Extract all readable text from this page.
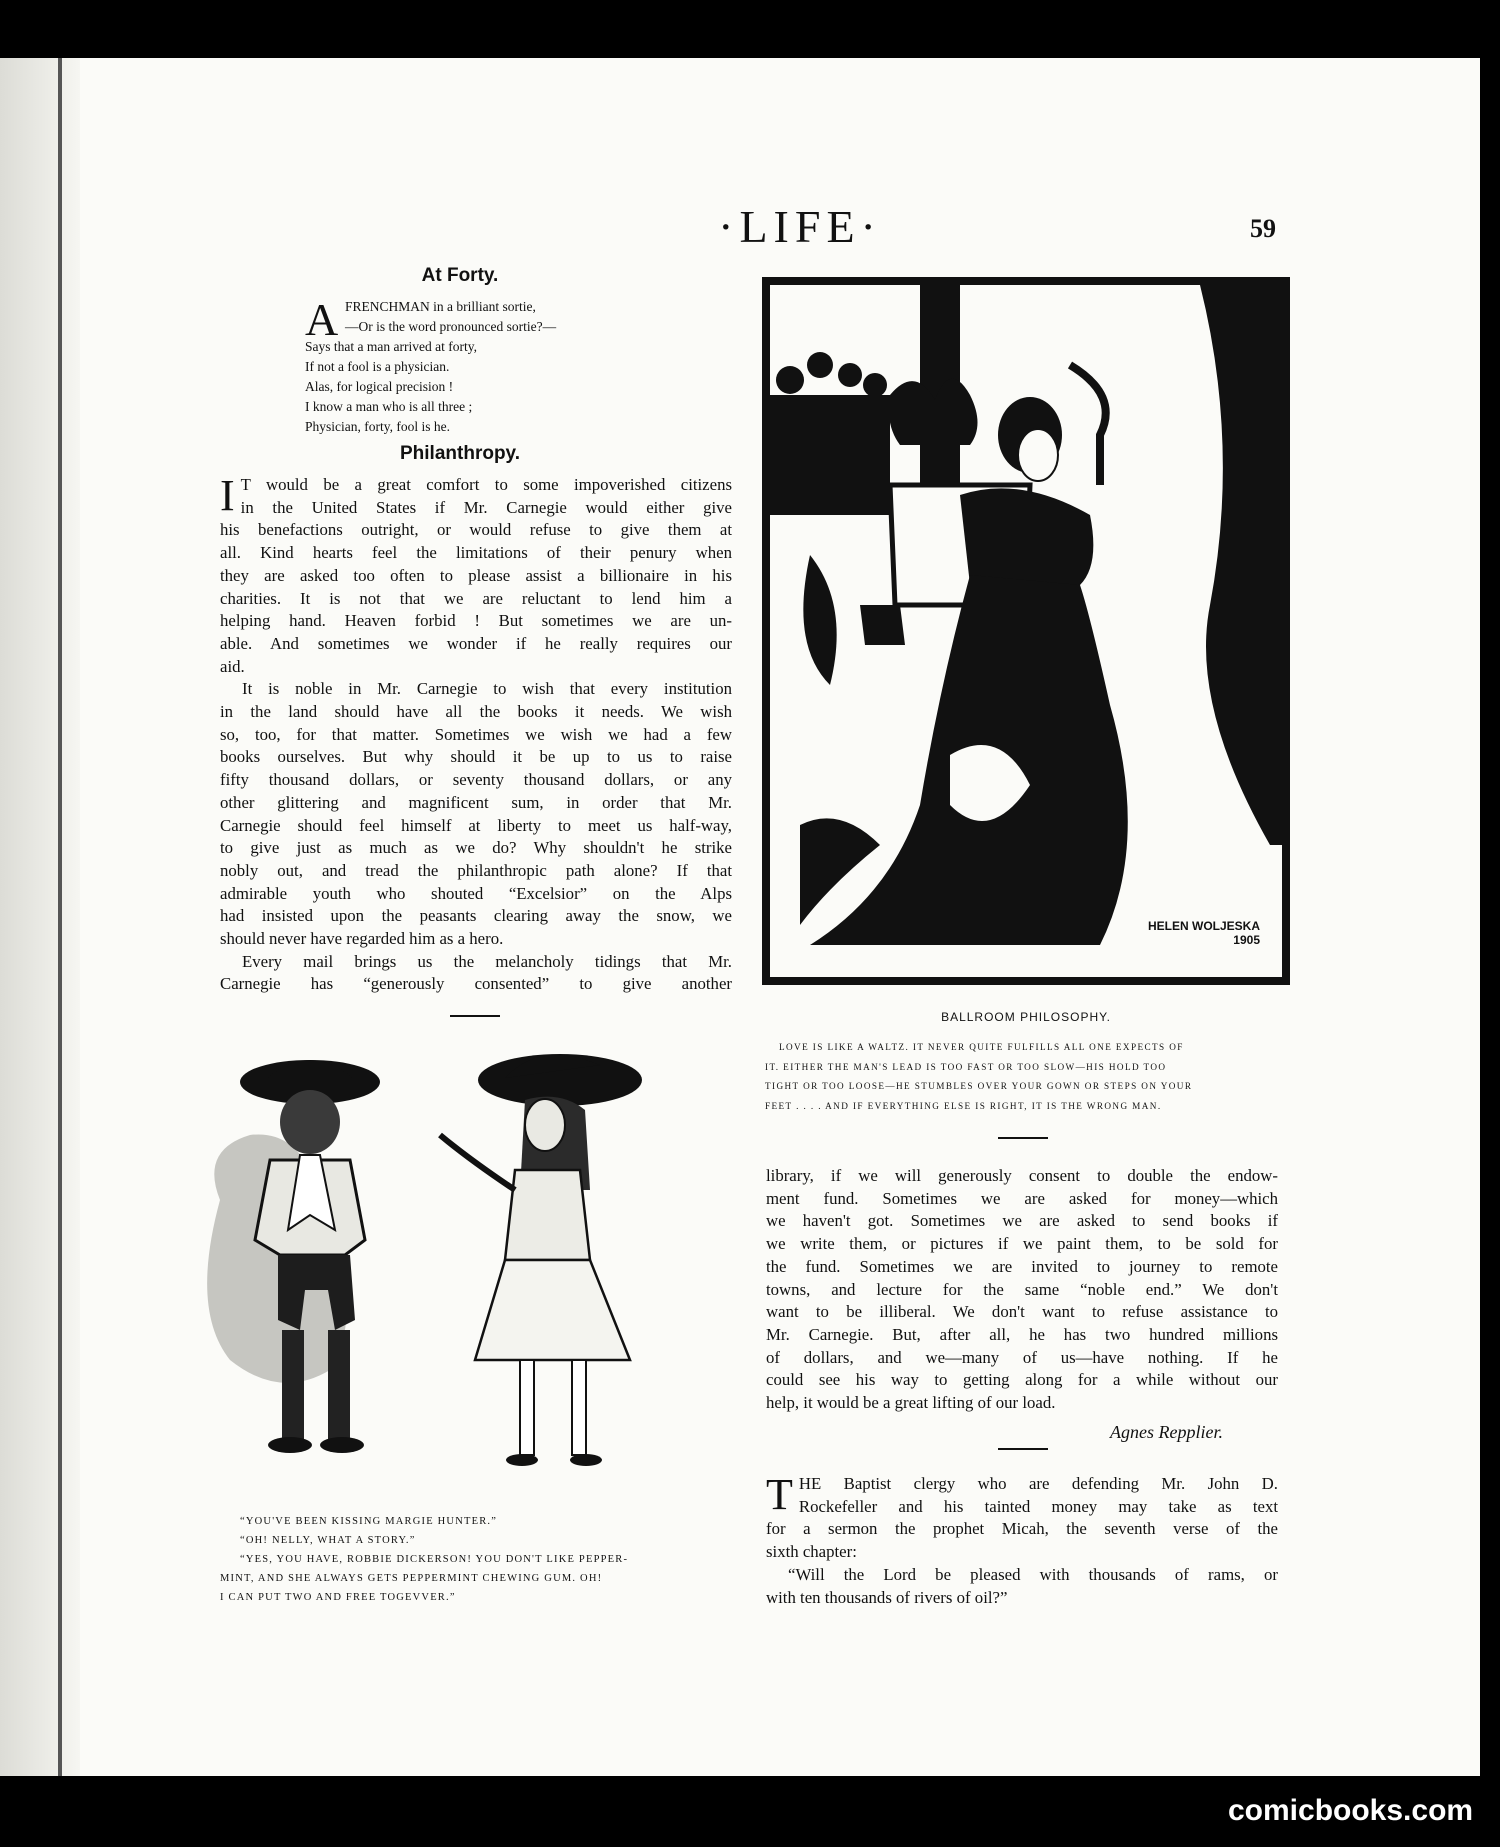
·LIFE·	59
At Forty.
A FRENCHMAN in a brilliant sortie,
—Or is the word pronounced sortie?—
Says that a man arrived at forty,
If not a fool is a physician.
Alas, for logical precision !
I know a man who is all three ;
Physician, forty, fool is he.
Philanthropy.
I T would be a great comfort to some impoverished citizens
in the United States if Mr. Carnegie would either give
his benefactions outright, or would refuse to give them at
all. Kind hearts feel the limitations of their penury when
they are asked too often to please assist a billionaire in his
charities. It is not that we are reluctant to lend him a
helping hand. Heaven forbid ! But sometimes we are un-
able. And sometimes we wonder if he really requires our
aid.
It is noble in Mr. Carnegie to wish that every institution
in the land should have all the books it needs. We wish
so, too, for that matter. Sometimes we wish we had a few
books ourselves. But why should it be up to us to raise
fifty thousand dollars, or seventy thousand dollars, or any
other glittering and magnificent sum, in order that Mr.
Carnegie should feel himself at liberty to meet us half-way,
to give just as much as we do? Why shouldn't he strike
nobly out, and tread the philanthropic path alone? If that
admirable youth who shouted “Excelsior” on the Alps
had insisted upon the peasants clearing away the snow, we
should never have regarded him as a hero.
Every mail brings us the melancholy tidings that Mr.
Carnegie has “generously consented” to give another
“YOU'VE BEEN KISSING MARGIE HUNTER.”
“OH! NELLY, WHAT A STORY.”
“YES, YOU HAVE, ROBBIE DICKERSON! YOU DON'T LIKE PEPPER-
MINT, AND SHE ALWAYS GETS PEPPERMINT CHEWING GUM. OH!
I CAN PUT TWO AND FREE TOGEVVER.”
HELEN WOLJESKA
1905
BALLROOM PHILOSOPHY.
LOVE IS LIKE A WALTZ. IT NEVER QUITE FULFILLS ALL ONE EXPECTS OF
IT. EITHER THE MAN'S LEAD IS TOO FAST OR TOO SLOW—HIS HOLD TOO
TIGHT OR TOO LOOSE—HE STUMBLES OVER YOUR GOWN OR STEPS ON YOUR
FEET . . . . AND IF EVERYTHING ELSE IS RIGHT, IT IS THE WRONG MAN.
library, if we will generously consent to double the endow-
ment fund. Sometimes we are asked for money—which
we haven't got. Sometimes we are asked to send books if
we write them, or pictures if we paint them, to be sold for
the fund. Sometimes we are invited to journey to remote
towns, and lecture for the same “noble end.” We don't
want to be illiberal. We don't want to refuse assistance to
Mr. Carnegie. But, after all, he has two hundred millions
of dollars, and we—many of us—have nothing. If he
could see his way to getting along for a while without our
help, it would be a great lifting of our load.
Agnes Repplier.
T HE Baptist clergy who are defending Mr. John D.
Rockefeller and his tainted money may take as text
for a sermon the prophet Micah, the seventh verse of the
sixth chapter:
“Will the Lord be pleased with thousands of rams, or
with ten thousands of rivers of oil?”
comicbooks.com
